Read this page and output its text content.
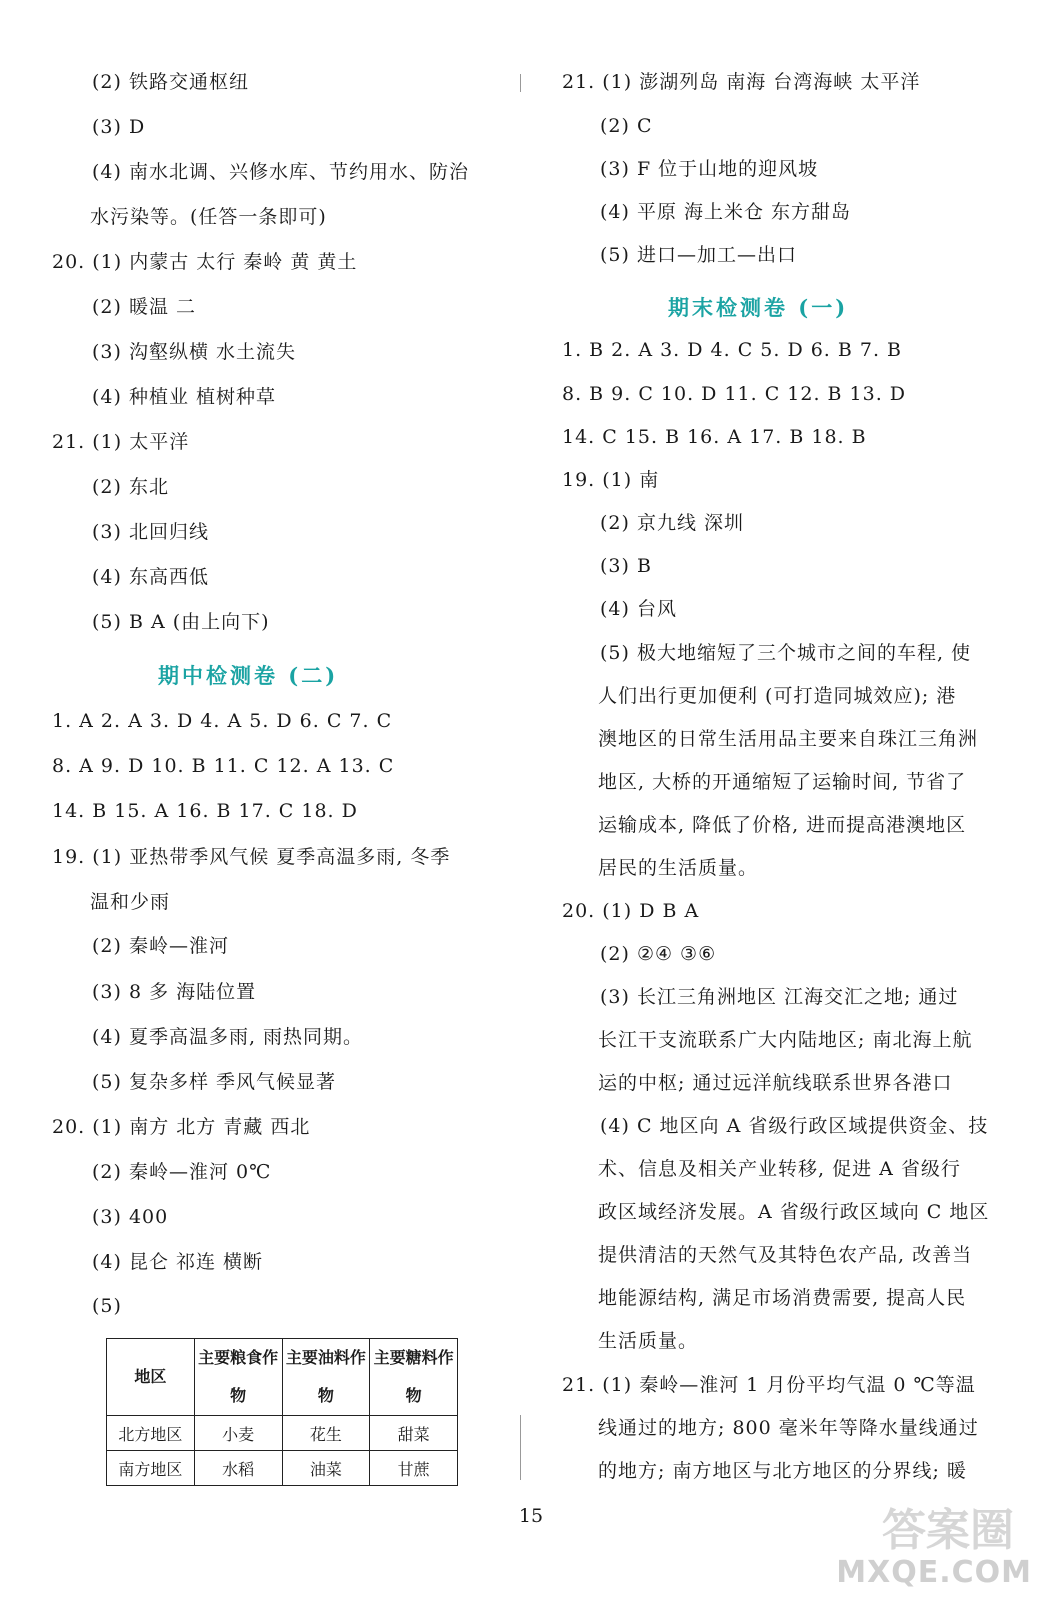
(2) 铁路交通枢纽
(3) D
(4) 南水北调、兴修水库、节约用水、防治
水污染等。(任答一条即可)
20. (1) 内蒙古 太行 秦岭 黄 黄土
(2) 暖温 二
(3) 沟壑纵横 水土流失
(4) 种植业 植树种草
21. (1) 太平洋
(2) 东北
(3) 北回归线
(4) 东高西低
(5) B A (由上向下)
期中检测卷 (二)
1. A 2. A 3. D 4. A 5. D 6. C 7. C
8. A 9. D 10. B 11. C 12. A 13. C
14. B 15. A 16. B 17. C 18. D
19. (1) 亚热带季风气候 夏季高温多雨, 冬季
温和少雨
(2) 秦岭—淮河
(3) 8 多 海陆位置
(4) 夏季高温多雨, 雨热同期。
(5) 复杂多样 季风气候显著
20. (1) 南方 北方 青藏 西北
(2) 秦岭—淮河 0℃
(3) 400
(4) 昆仑 祁连 横断
(5)
地区	主要粮食作物	主要油料作物	主要糖料作物
北方地区	小麦	花生	甜菜
南方地区	水稻	油菜	甘蔗
21. (1) 澎湖列岛 南海 台湾海峡 太平洋
(2) C
(3) F 位于山地的迎风坡
(4) 平原 海上米仓 东方甜岛
(5) 进口—加工—出口
期末检测卷 (一)
1. B 2. A 3. D 4. C 5. D 6. B 7. B
8. B 9. C 10. D 11. C 12. B 13. D
14. C 15. B 16. A 17. B 18. B
19. (1) 南
(2) 京九线 深圳
(3) B
(4) 台风
(5) 极大地缩短了三个城市之间的车程, 使
人们出行更加便利 (可打造同城效应); 港
澳地区的日常生活用品主要来自珠江三角洲
地区, 大桥的开通缩短了运输时间, 节省了
运输成本, 降低了价格, 进而提高港澳地区
居民的生活质量。
20. (1) D B A
(2) ②④ ③⑥
(3) 长江三角洲地区 江海交汇之地; 通过
长江干支流联系广大内陆地区; 南北海上航
运的中枢; 通过远洋航线联系世界各港口
(4) C 地区向 A 省级行政区域提供资金、技
术、信息及相关产业转移, 促进 A 省级行
政区域经济发展。A 省级行政区域向 C 地区
提供清洁的天然气及其特色农产品, 改善当
地能源结构, 满足市场消费需要, 提高人民
生活质量。
21. (1) 秦岭—淮河 1 月份平均气温 0 ℃等温
线通过的地方; 800 毫米年等降水量线通过
的地方; 南方地区与北方地区的分界线; 暖
15	答案圈
MXQE.COM
